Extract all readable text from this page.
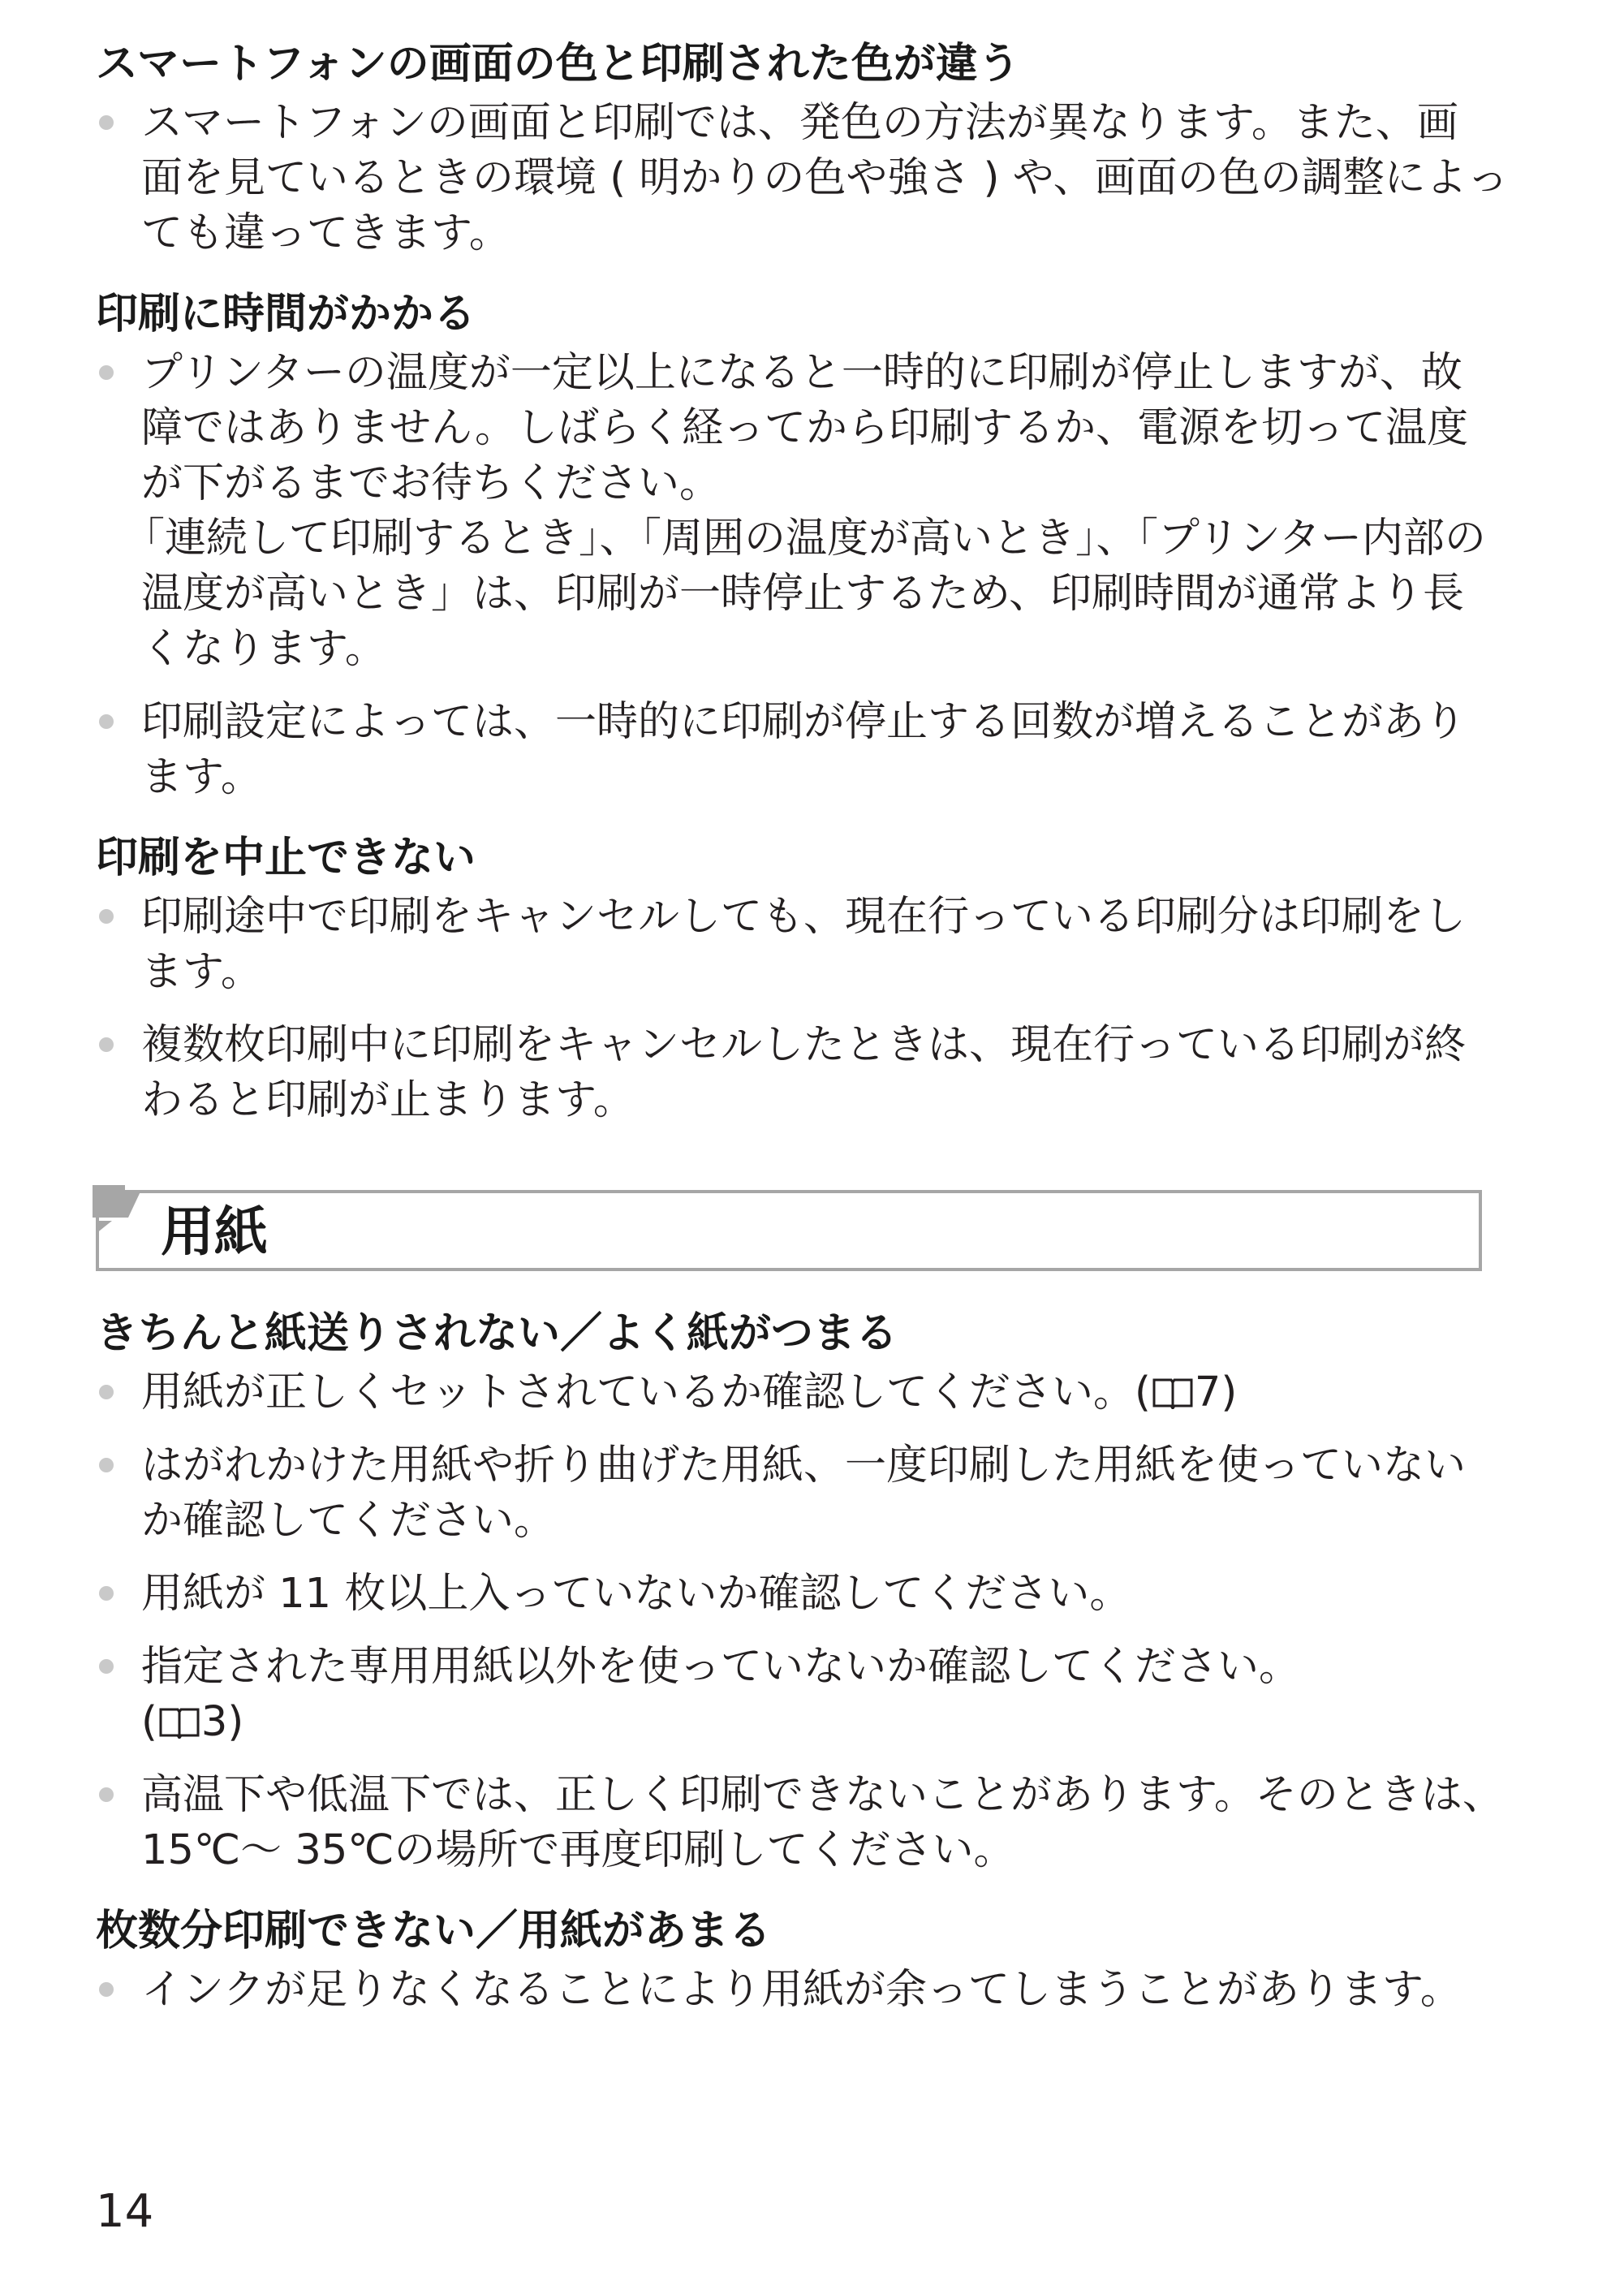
スマートフォンの画面の色と印刷された色が違う
スマートフォンの画面と印刷では、発色の方法が異なります。また、画
面を見ているときの環境 ( 明かりの色や強さ ) や、画面の色の調整によっ
ても違ってきます。
印刷に時間がかかる
プリンターの温度が一定以上になると一時的に印刷が停止しますが、故
障ではありません。しばらく経ってから印刷するか、電源を切って温度
が下がるまでお待ちください。
「連続して印刷するとき」、「周囲の温度が高いとき」、「プリンター内部の
温度が高いとき」は、印刷が一時停止するため、印刷時間が通常より長
くなります。
印刷設定によっては、一時的に印刷が停止する回数が増えることがあり
ます。
印刷を中止できない
印刷途中で印刷をキャンセルしても、現在行っている印刷分は印刷をし
ます。
複数枚印刷中に印刷をキャンセルしたときは、現在行っている印刷が終
わると印刷が止まります。
用紙
きちんと紙送りされない／よく紙がつまる
用紙が正しくセットされているか確認してください。( 7)
はがれかけた用紙や折り曲げた用紙、一度印刷した用紙を使っていない
か確認してください。
用紙が 11 枚以上入っていないか確認してください。
指定された専用用紙以外を使っていないか確認してください。
( 3)
高温下や低温下では、正しく印刷できないことがあります。そのときは、
15℃～ 35℃の場所で再度印刷してください。
枚数分印刷できない／用紙があまる
インクが足りなくなることにより用紙が余ってしまうことがあります。
14
